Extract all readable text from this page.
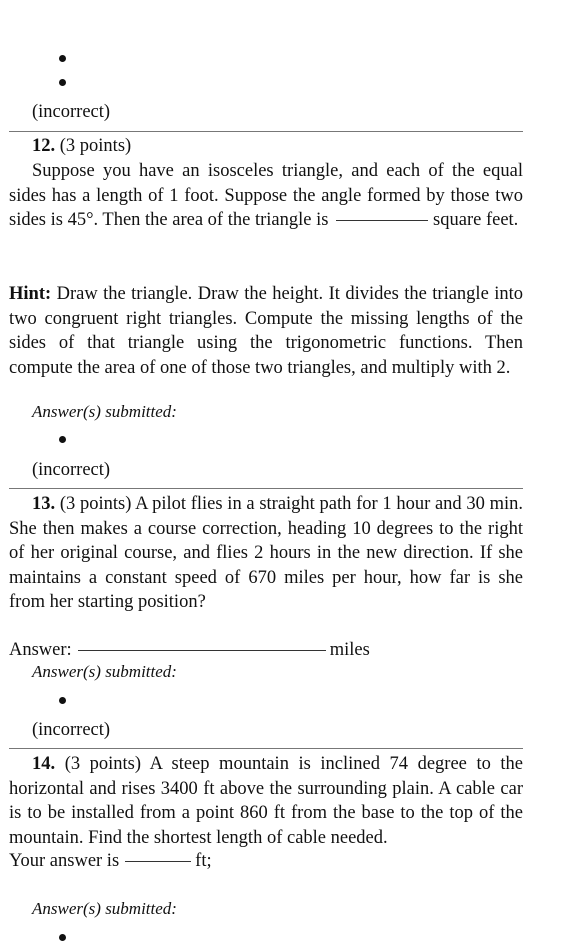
(incorrect)
12. (3 points)
Suppose you have an isosceles triangle, and each of the equal sides has a length of 1 foot. Suppose the angle formed by those two sides is 45°. Then the area of the triangle is	square feet.
Hint: Draw the triangle. Draw the height. It divides the triangle into two congruent right triangles. Compute the missing lengths of the sides of that triangle using the trigonometric functions. Then compute the area of one of those two triangles, and multiply with 2.
Answer(s) submitted:
(incorrect)
13. (3 points) A pilot flies in a straight path for 1 hour and 30 min. She then makes a course correction, heading 10 degrees to the right of her original course, and flies 2 hours in the new direction. If she maintains a constant speed of 670 miles per hour, how far is she from her starting position?
Answer:	miles
Answer(s) submitted:
(incorrect)
14. (3 points) A steep mountain is inclined 74 degree to the horizontal and rises 3400 ft above the surrounding plain. A cable car is to be installed from a point 860 ft from the base to the top of the mountain. Find the shortest length of cable needed.
Your answer is	ft;
Answer(s) submitted:
